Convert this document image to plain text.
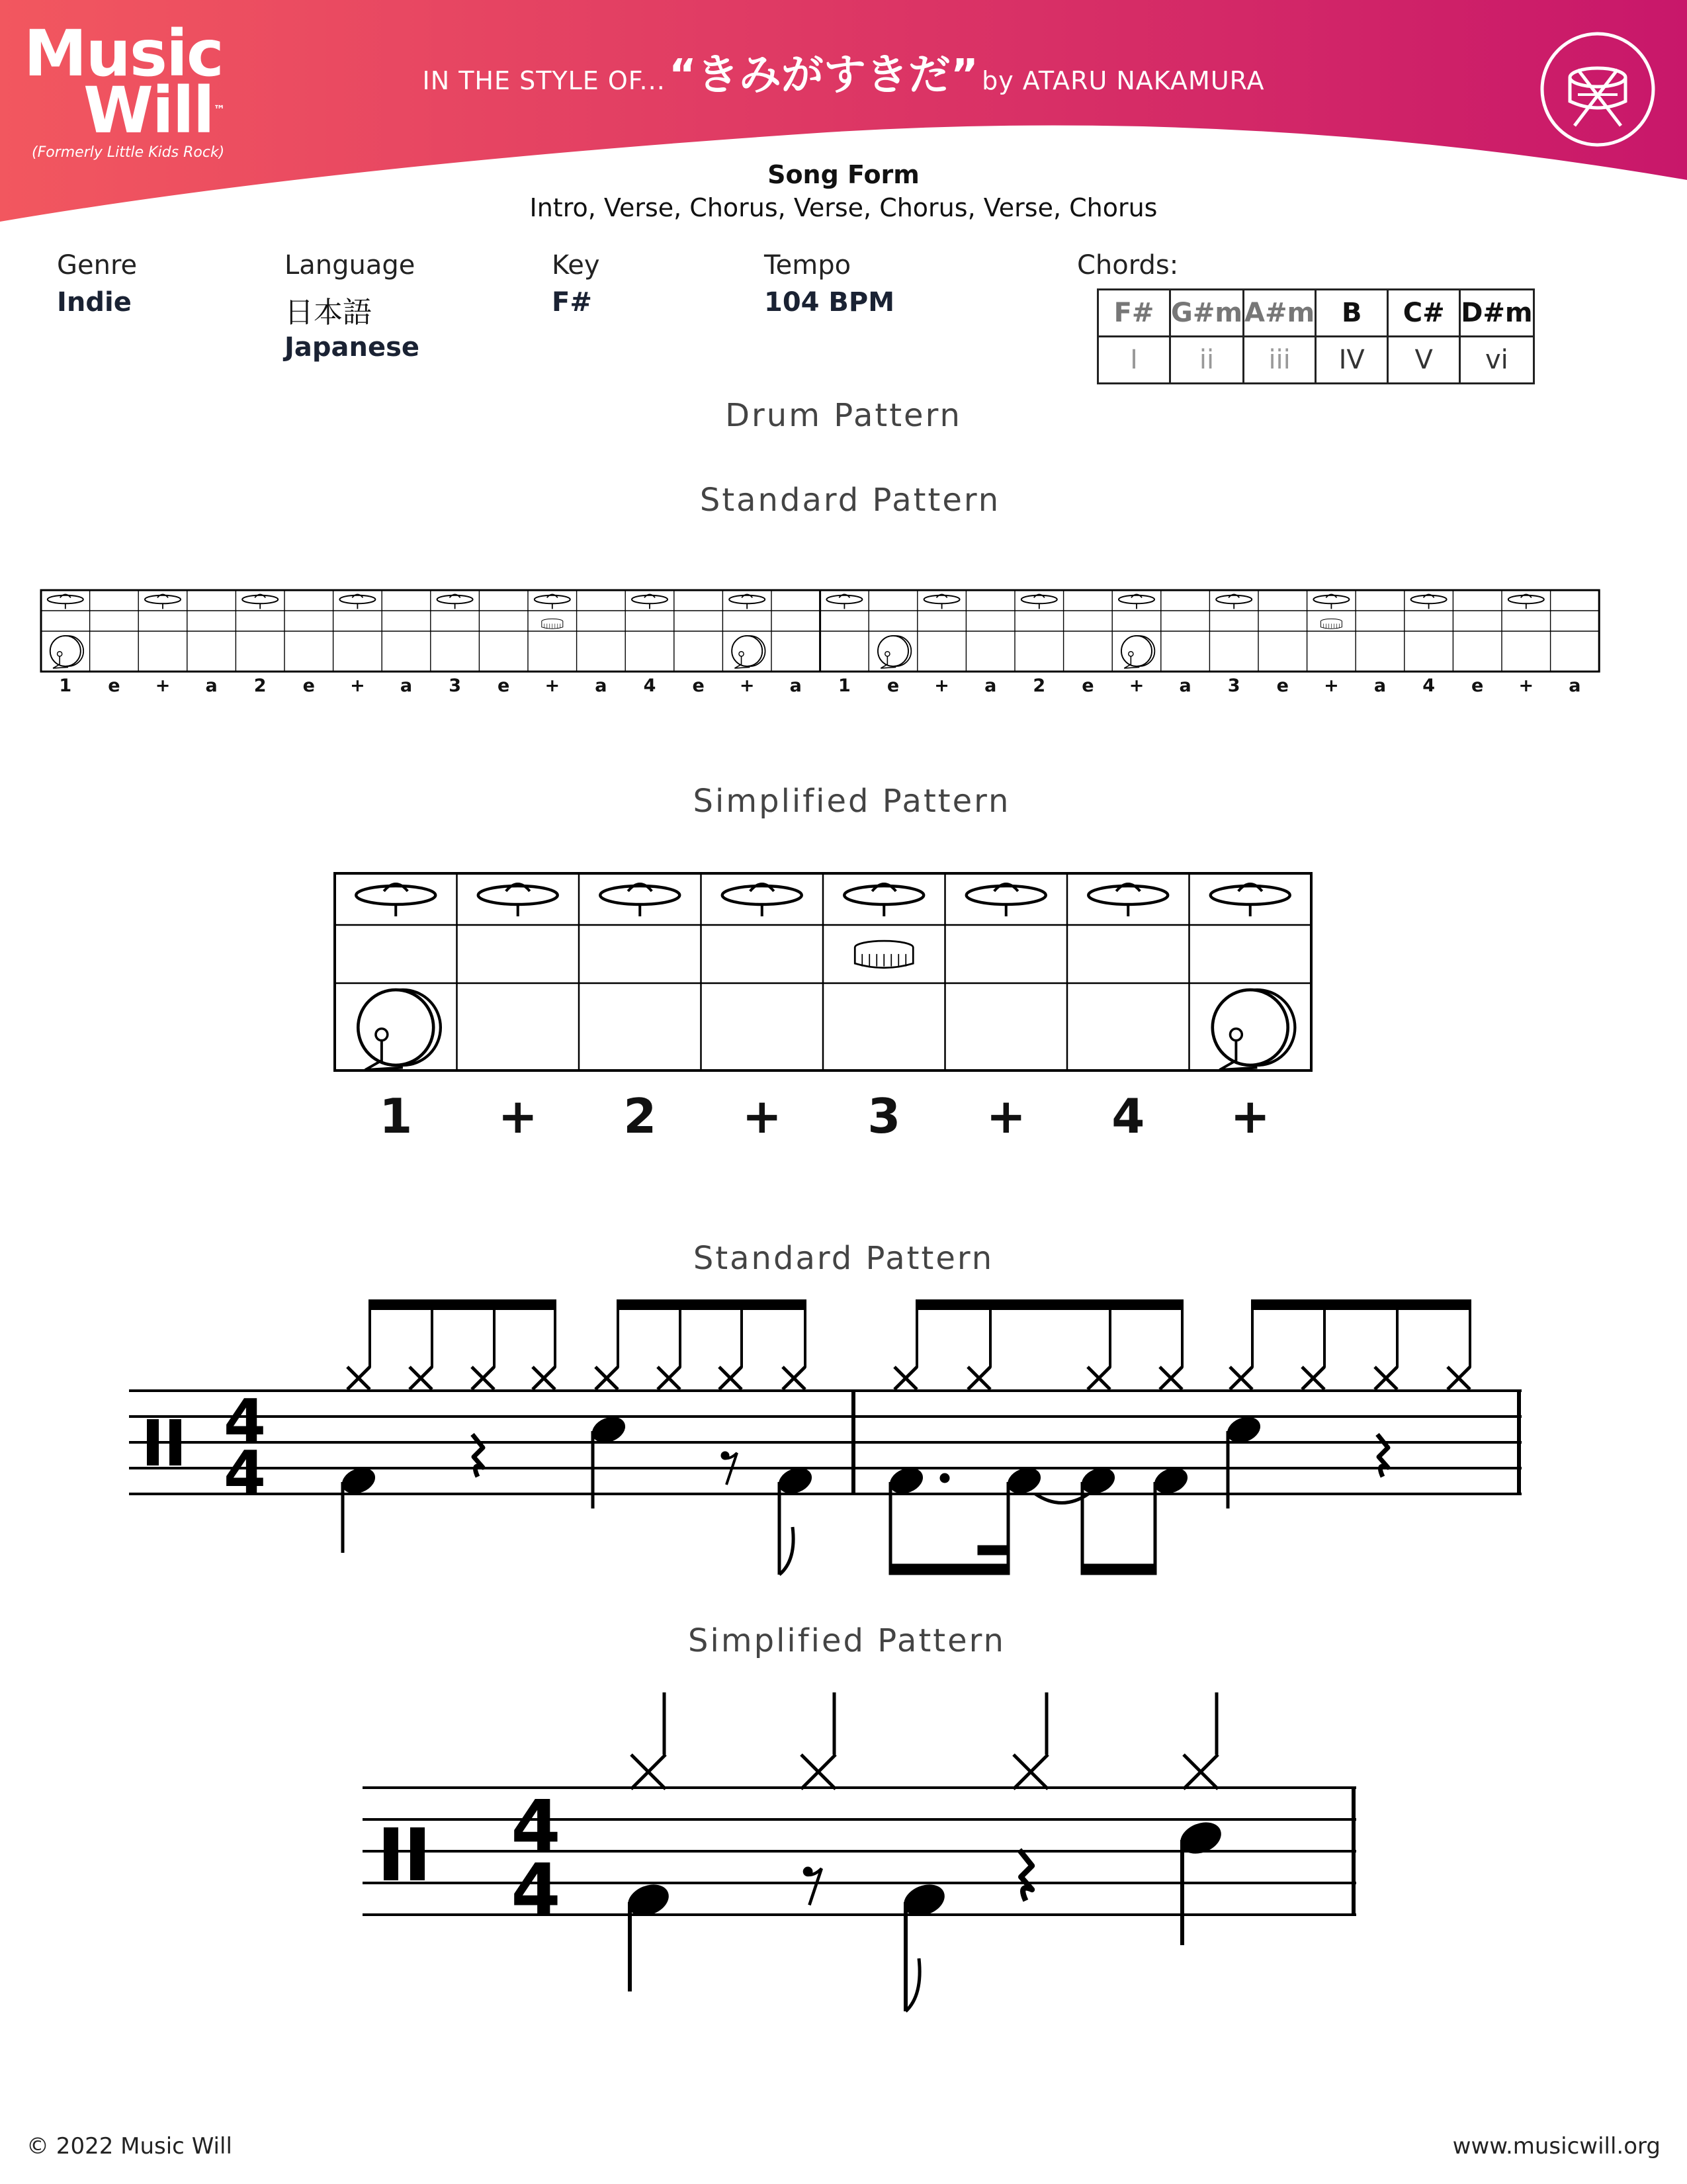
Music
Will™
(Formerly Little Kids Rock)
IN THE STYLE OF... “きみがすきだ” by ATARU NAKAMURA
Song Form
Intro, Verse, Chorus, Verse, Chorus, Verse, Chorus
Genre
Indie
Language
日本語
Japanese
Key
F#
Tempo
104 BPM
Chords:
F#	G#m	A#m	B	C#	D#m
I	ii	iii	IV	V	vi
Drum Pattern
Standard Pattern
Simplified Pattern
Standard Pattern
Simplified Pattern
1 e + a 2 e + a 3 e + a 4 e + a 1 e + a 2 e + a 3 e + a 4 e + a
1 + 2 + 3 + 4 +
4
4
4
4
© 2022 Music Will	www.musicwill.org
